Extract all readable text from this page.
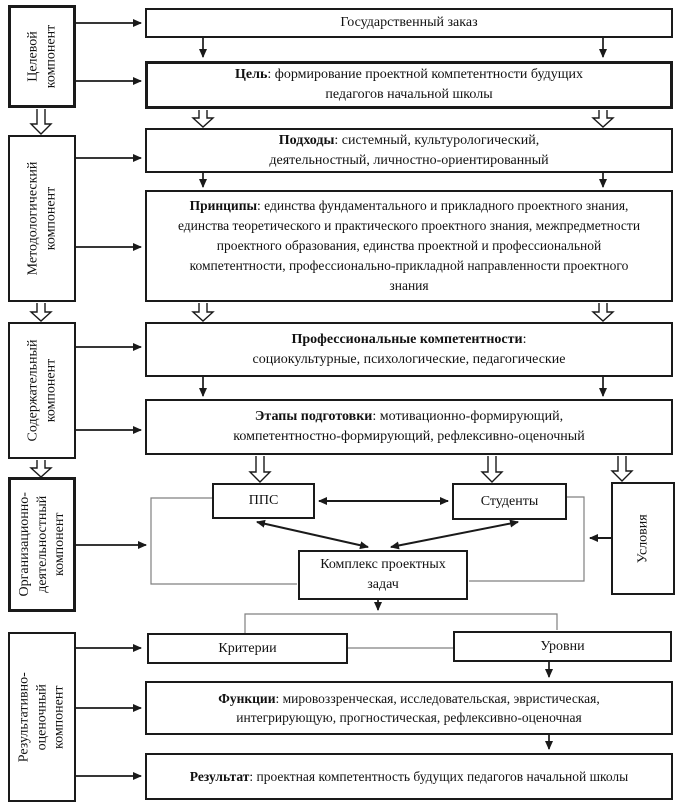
Целевой компонент
Методологический компонент
Содержательный компонент
Организационно-деятельностный компонент
Результативно-оценочный компонент
Государственный заказ
Цель: формирование проектной компетентности будущих педагогов начальной школы
Подходы: системный, культурологический, деятельностный, личностно-ориентированный
Принципы: единства фундаментального и прикладного проектного знания, единства теоретического и практического проектного знания, межпредметности проектного образования, единства проектной и профессиональной компетентности, профессионально-прикладной направленности проектного знания
Профессиональные компетентности:
социокультурные, психологические, педагогические
Этапы подготовки: мотивационно-формирующий, компетентностно-формирующий, рефлексивно-оценочный
ППС	Студенты
Условия
Комплекс проектных задач
Критерии	Уровни
Функции: мировоззренческая, исследовательская, эвристическая, интегрирующую, прогностическая, рефлексивно-оценочная
Результат: проектная компетентность будущих педагогов начальной школы
